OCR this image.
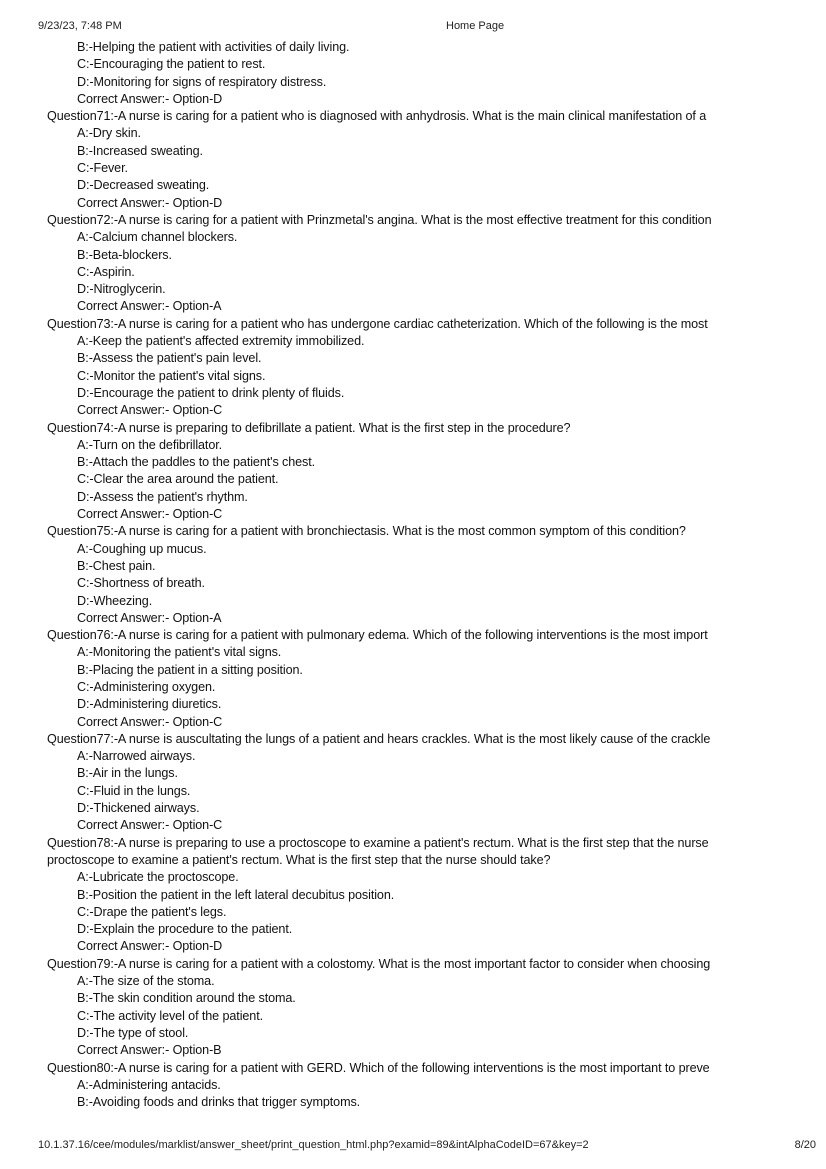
9/23/23, 7:48 PM	Home Page
B:-Helping the patient with activities of daily living.
C:-Encouraging the patient to rest.
D:-Monitoring for signs of respiratory distress.
Correct Answer:- Option-D
Question71:-A nurse is caring for a patient who is diagnosed with anhydrosis. What is the main clinical manifestation of a
A:-Dry skin.
B:-Increased sweating.
C:-Fever.
D:-Decreased sweating.
Correct Answer:- Option-D
Question72:-A nurse is caring for a patient with Prinzmetal's angina. What is the most effective treatment for this condition
A:-Calcium channel blockers.
B:-Beta-blockers.
C:-Aspirin.
D:-Nitroglycerin.
Correct Answer:- Option-A
Question73:-A nurse is caring for a patient who has undergone cardiac catheterization. Which of the following is the most
A:-Keep the patient's affected extremity immobilized.
B:-Assess the patient's pain level.
C:-Monitor the patient's vital signs.
D:-Encourage the patient to drink plenty of fluids.
Correct Answer:- Option-C
Question74:-A nurse is preparing to defibrillate a patient. What is the first step in the procedure?
A:-Turn on the defibrillator.
B:-Attach the paddles to the patient's chest.
C:-Clear the area around the patient.
D:-Assess the patient's rhythm.
Correct Answer:- Option-C
Question75:-A nurse is caring for a patient with bronchiectasis. What is the most common symptom of this condition?
A:-Coughing up mucus.
B:-Chest pain.
C:-Shortness of breath.
D:-Wheezing.
Correct Answer:- Option-A
Question76:-A nurse is caring for a patient with pulmonary edema. Which of the following interventions is the most import
A:-Monitoring the patient's vital signs.
B:-Placing the patient in a sitting position.
C:-Administering oxygen.
D:-Administering diuretics.
Correct Answer:- Option-C
Question77:-A nurse is auscultating the lungs of a patient and hears crackles. What is the most likely cause of the crackle
A:-Narrowed airways.
B:-Air in the lungs.
C:-Fluid in the lungs.
D:-Thickened airways.
Correct Answer:- Option-C
Question78:-A nurse is preparing to use a proctoscope to examine a patient's rectum. What is the first step that the nurse
proctoscope to examine a patient's rectum. What is the first step that the nurse should take?
A:-Lubricate the proctoscope.
B:-Position the patient in the left lateral decubitus position.
C:-Drape the patient's legs.
D:-Explain the procedure to the patient.
Correct Answer:- Option-D
Question79:-A nurse is caring for a patient with a colostomy. What is the most important factor to consider when choosing
A:-The size of the stoma.
B:-The skin condition around the stoma.
C:-The activity level of the patient.
D:-The type of stool.
Correct Answer:- Option-B
Question80:-A nurse is caring for a patient with GERD. Which of the following interventions is the most important to preve
A:-Administering antacids.
B:-Avoiding foods and drinks that trigger symptoms.
10.1.37.16/cee/modules/marklist/answer_sheet/print_question_html.php?examid=89&intAlphaCodeID=67&key=2	8/20
